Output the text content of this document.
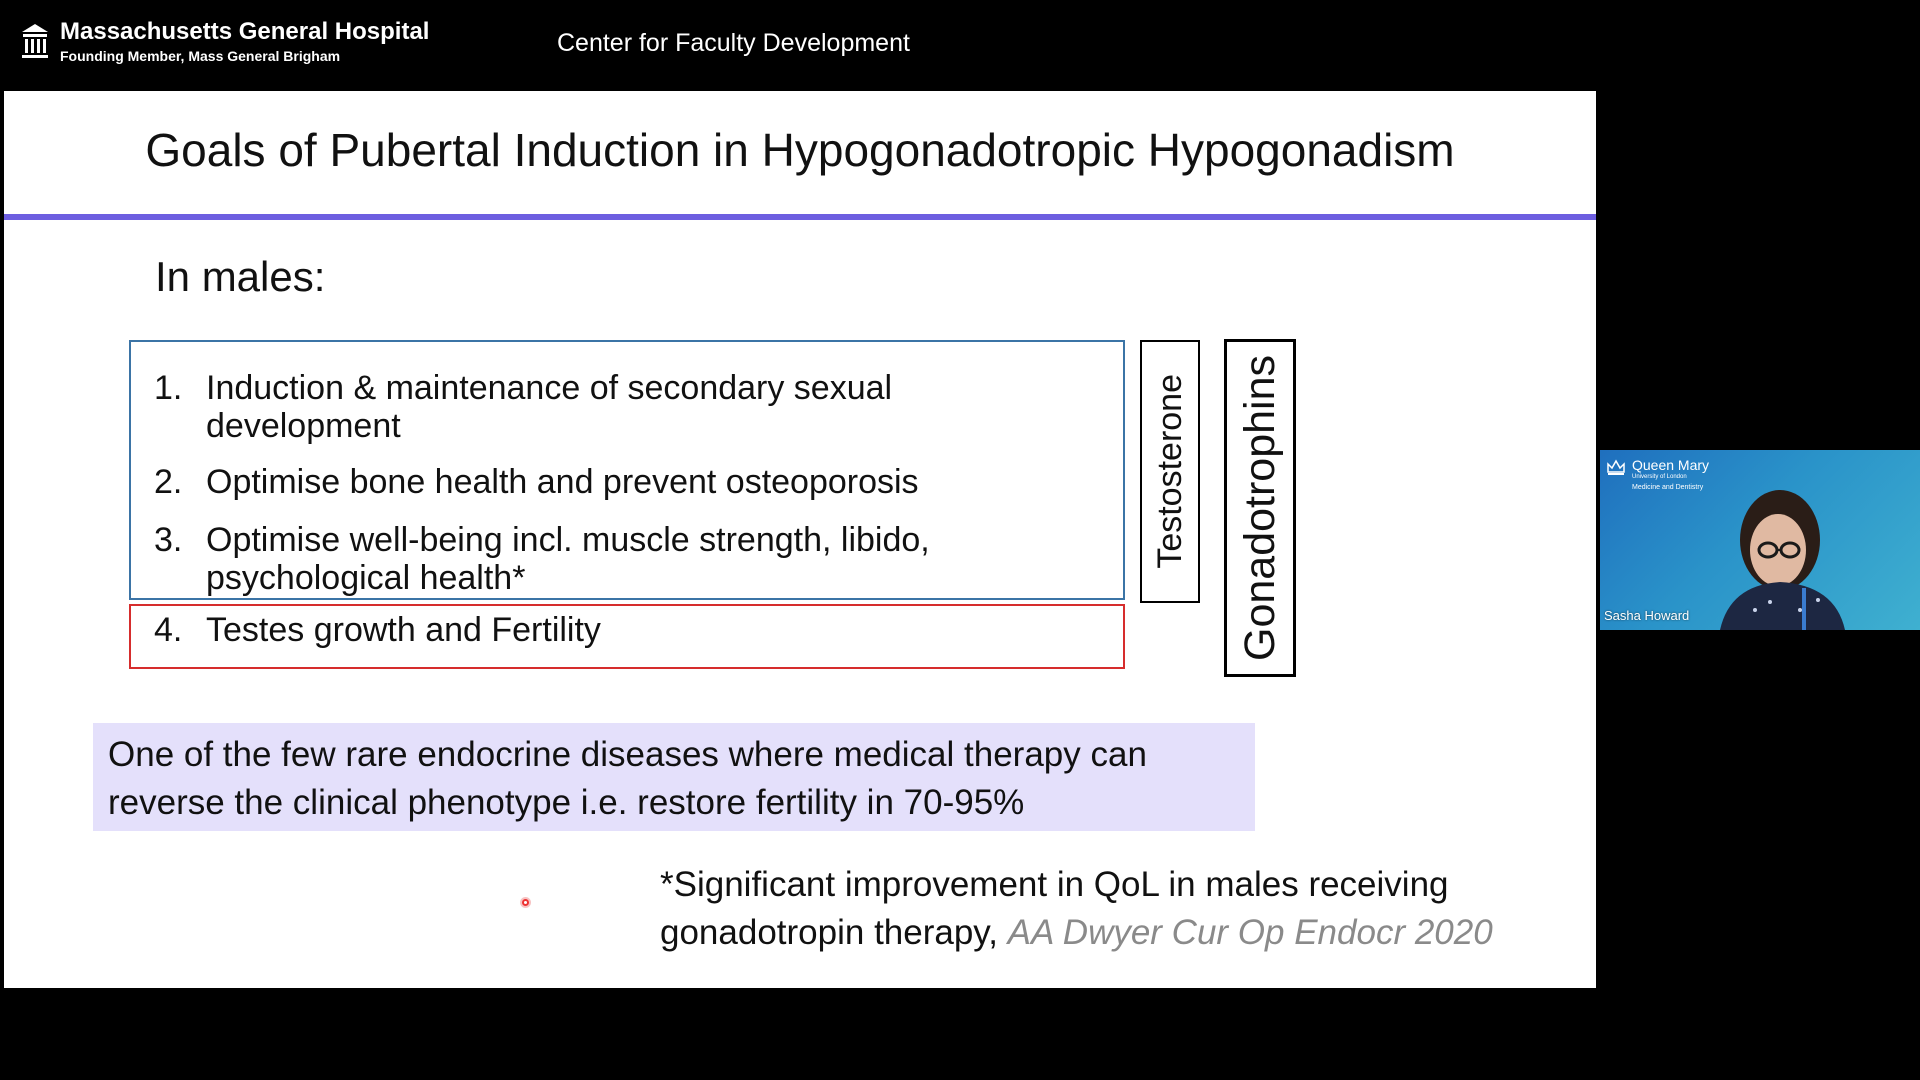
Massachusetts General Hospital
Founding Member, Mass General Brigham	Center for Faculty Development
Goals of Pubertal Induction in Hypogonadotropic Hypogonadism
In males:
1. Induction & maintenance of secondary sexual development
2. Optimise bone health and prevent osteoporosis
3. Optimise well-being incl. muscle strength, libido, psychological health*
4. Testes growth and Fertility
Testosterone Gonadotrophins
One of the few rare endocrine diseases where medical therapy can reverse the clinical phenotype i.e. restore fertility in 70-95%
*Significant improvement in QoL in males receiving gonadotropin therapy, AA Dwyer Cur Op Endocr 2020
Queen Mary
University of London
Medicine and Dentistry
Sasha Howard
